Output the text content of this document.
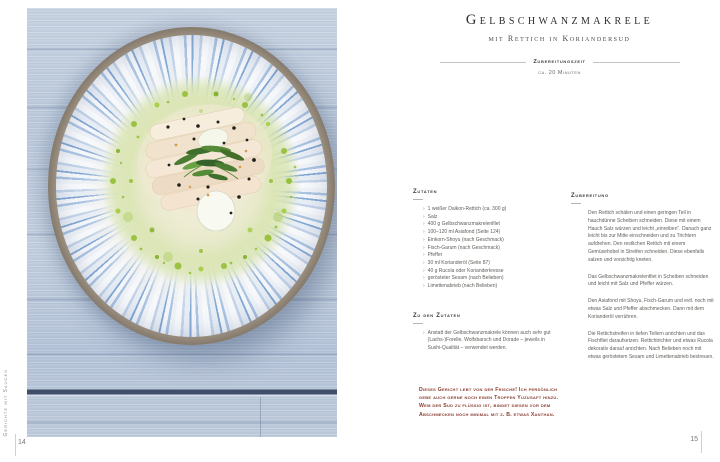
Gerichte mit Saucen
14
Gelbschwanzmakrele
mit Rettich in Koriandersud
Zubereitungszeit
ca. 20 Minuten
Zutaten
› 1 weißer Daikon-Rettich (ca. 300 g)
› Salz
› 400 g Gelbschwanzmakrelenfilet
› 100–120 ml Asiafond (Seite 124)
› Einkorn-Shoyu (nach Geschmack)
› Fisch-Garum (nach Geschmack)
› Pfeffer
› 30 ml Korianderöl (Seite 87)
› 40 g Rucola oder Korianderkresse
› gerösteter Sesam (nach Belieben)
› Limettenabrieb (nach Belieben)
Zu den Zutaten
› Anstatt der Gelbschwanzmakrele können auch sehr gut (Lachs-)Forelle, Wolfsbarsch und Dorade – jeweils in Sushi-Qualität – verwendet werden.
Dieses Gericht lebt von der Frische! Ich persönlich gebe auch gerne noch einen Tropfen Yuzusaft hinzu. Wem der Sud zu flüssig ist, bindet diesen vor dem Abschmecken noch minimal mit z. B. etwas Xanthan.
Zubereitung

Den Rettich schälen und einen geringen Teil in hauchdünne Scheiben schneiden. Diese mit einem Hauch Salz würzen und leicht „einreiben“. Danach ganz leicht bis zur Mitte einschneiden und zu Trichtern aufdrehen. Den restlichen Rettich mit einem Gemüsehobel in Streifen schneiden. Diese ebenfalls salzen und vorsichtig kneten.

Das Gelbschwanzmakrelenfilet in Scheiben schneiden und leicht mit Salz und Pfeffer würzen.

Den Asiafond mit Shoyu, Fisch-Garum und evtl. noch mit etwas Salz und Pfeffer abschmecken. Dann mit dem Korianderöl verrühren.

Die Rettichstreifen in tiefen Tellern anrichten und das Fischfilet daraufsetzen. Rettichtrichter und etwas Rucola dekorativ darauf anrichten. Nach Belieben noch mit etwas geröstetem Sesam und Limettenabrieb bestreuen.

15
